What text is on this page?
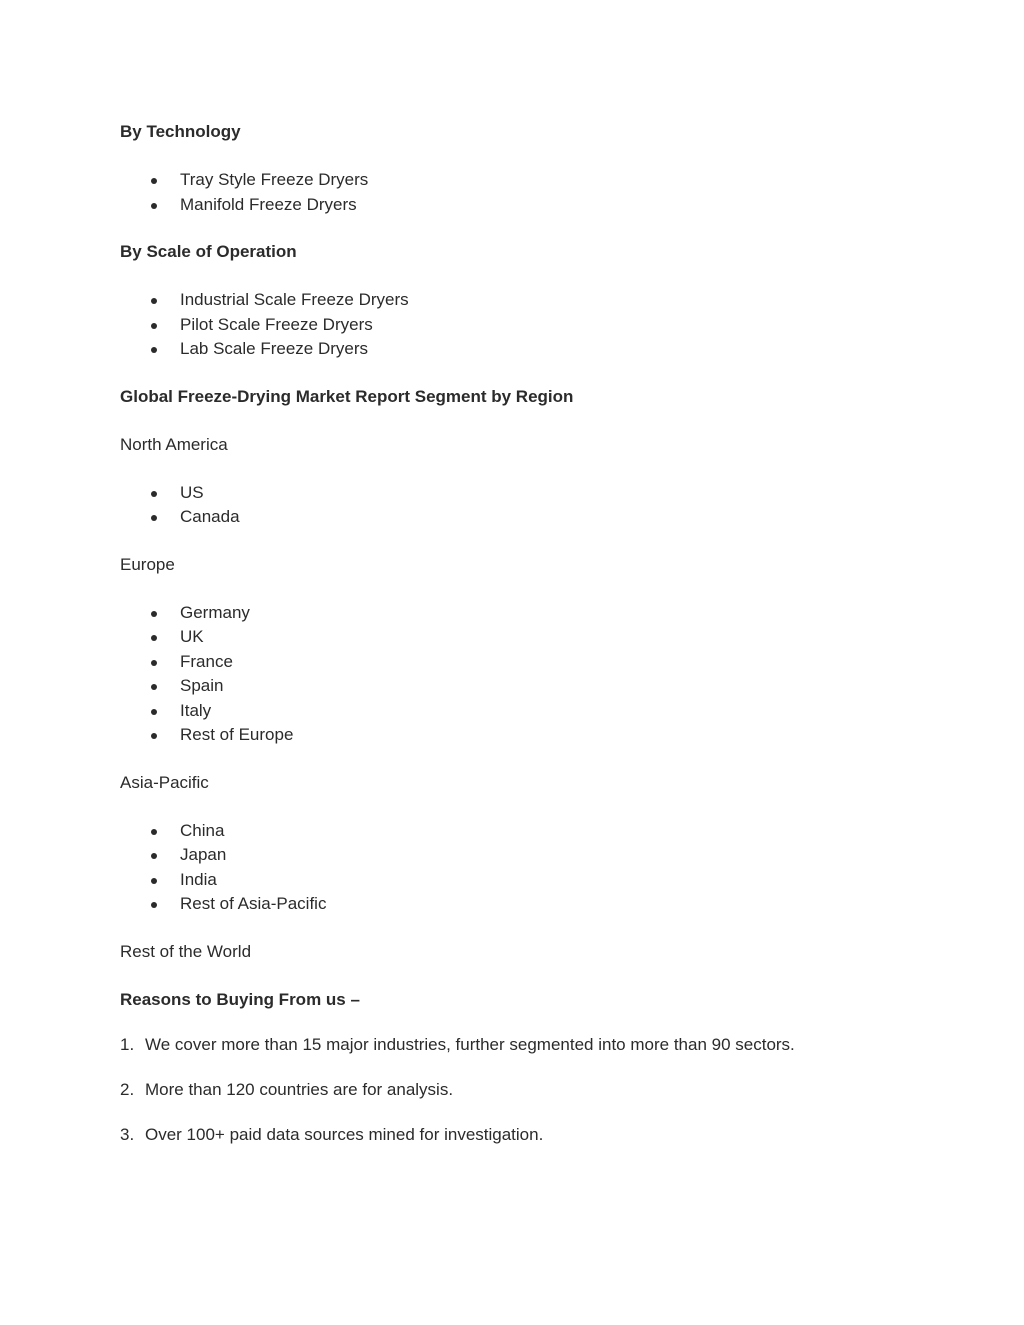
By Technology

Tray Style Freeze Dryers
Manifold Freeze Dryers

By Scale of Operation

Industrial Scale Freeze Dryers
Pilot Scale Freeze Dryers
Lab Scale Freeze Dryers

Global Freeze-Drying Market Report Segment by Region

North America

US
Canada

Europe

Germany
UK
France
Spain
Italy
Rest of Europe

Asia-Pacific

China
Japan
India
Rest of Asia-Pacific

Rest of the World

Reasons to Buying From us –

1. We cover more than 15 major industries, further segmented into more than 90 sectors.

2. More than 120 countries are for analysis.

3. Over 100+ paid data sources mined for investigation.
